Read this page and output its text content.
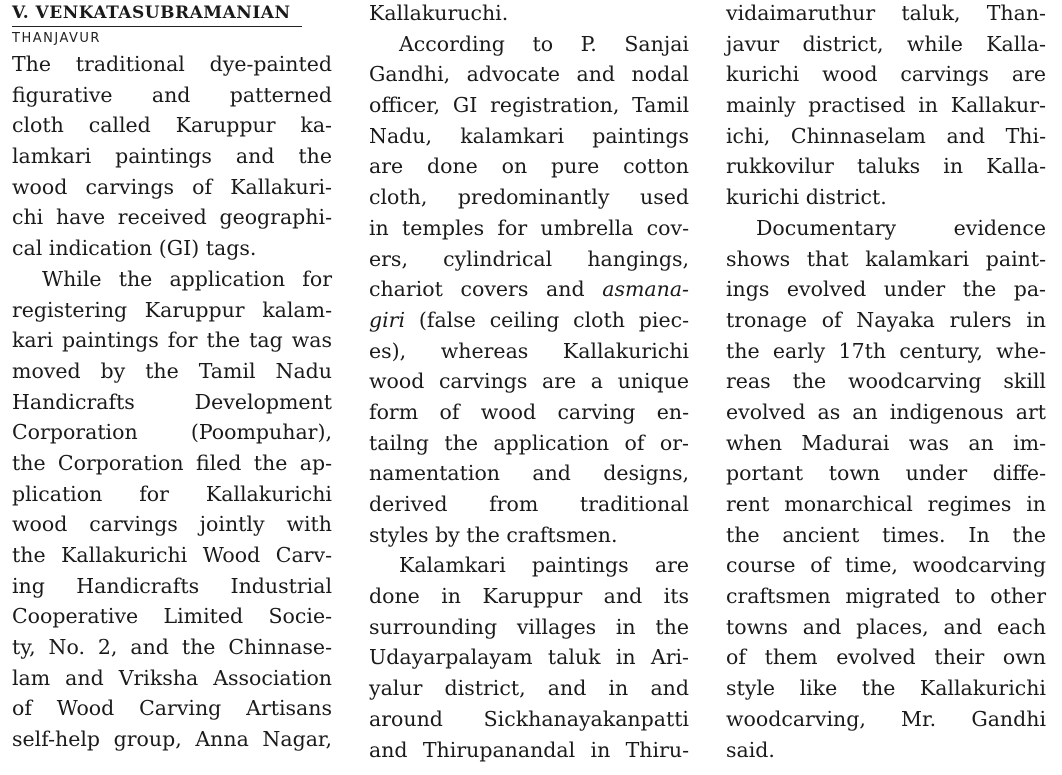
V. VENKATASUBRAMANIAN
THANJAVUR
The traditional dye-painted
figurative and patterned
cloth called Karuppur ka-
lamkari paintings and the
wood carvings of Kallakuri-
chi have received geographi-
cal indication (GI) tags.
While the application for
registering Karuppur kalam-
kari paintings for the tag was
moved by the Tamil Nadu
Handicrafts Development
Corporation (Poompuhar),
the Corporation filed the ap-
plication for Kallakurichi
wood carvings jointly with
the Kallakurichi Wood Carv-
ing Handicrafts Industrial
Cooperative Limited Socie-
ty, No. 2, and the Chinnase-
lam and Vriksha Association
of Wood Carving Artisans
self-help group, Anna Nagar,
Kallakuruchi.
According to P. Sanjai
Gandhi, advocate and nodal
officer, GI registration, Tamil
Nadu, kalamkari paintings
are done on pure cotton
cloth, predominantly used
in temples for umbrella cov-
ers, cylindrical hangings,
chariot covers and asmana-
giri (false ceiling cloth piec-
es), whereas Kallakurichi
wood carvings are a unique
form of wood carving en-
tailng the application of or-
namentation and designs,
derived from traditional
styles by the craftsmen.
Kalamkari paintings are
done in Karuppur and its
surrounding villages in the
Udayarpalayam taluk in Ari-
yalur district, and in and
around Sickhanayakanpatti
and Thirupanandal in Thiru-
vidaimaruthur taluk, Than-
javur district, while Kalla-
kurichi wood carvings are
mainly practised in Kallakur-
ichi, Chinnaselam and Thi-
rukkovilur taluks in Kalla-
kurichi district.
Documentary evidence
shows that kalamkari paint-
ings evolved under the pa-
tronage of Nayaka rulers in
the early 17th century, whe-
reas the woodcarving skill
evolved as an indigenous art
when Madurai was an im-
portant town under diffe-
rent monarchical regimes in
the ancient times. In the
course of time, woodcarving
craftsmen migrated to other
towns and places, and each
of them evolved their own
style like the Kallakurichi
woodcarving, Mr. Gandhi
said.
